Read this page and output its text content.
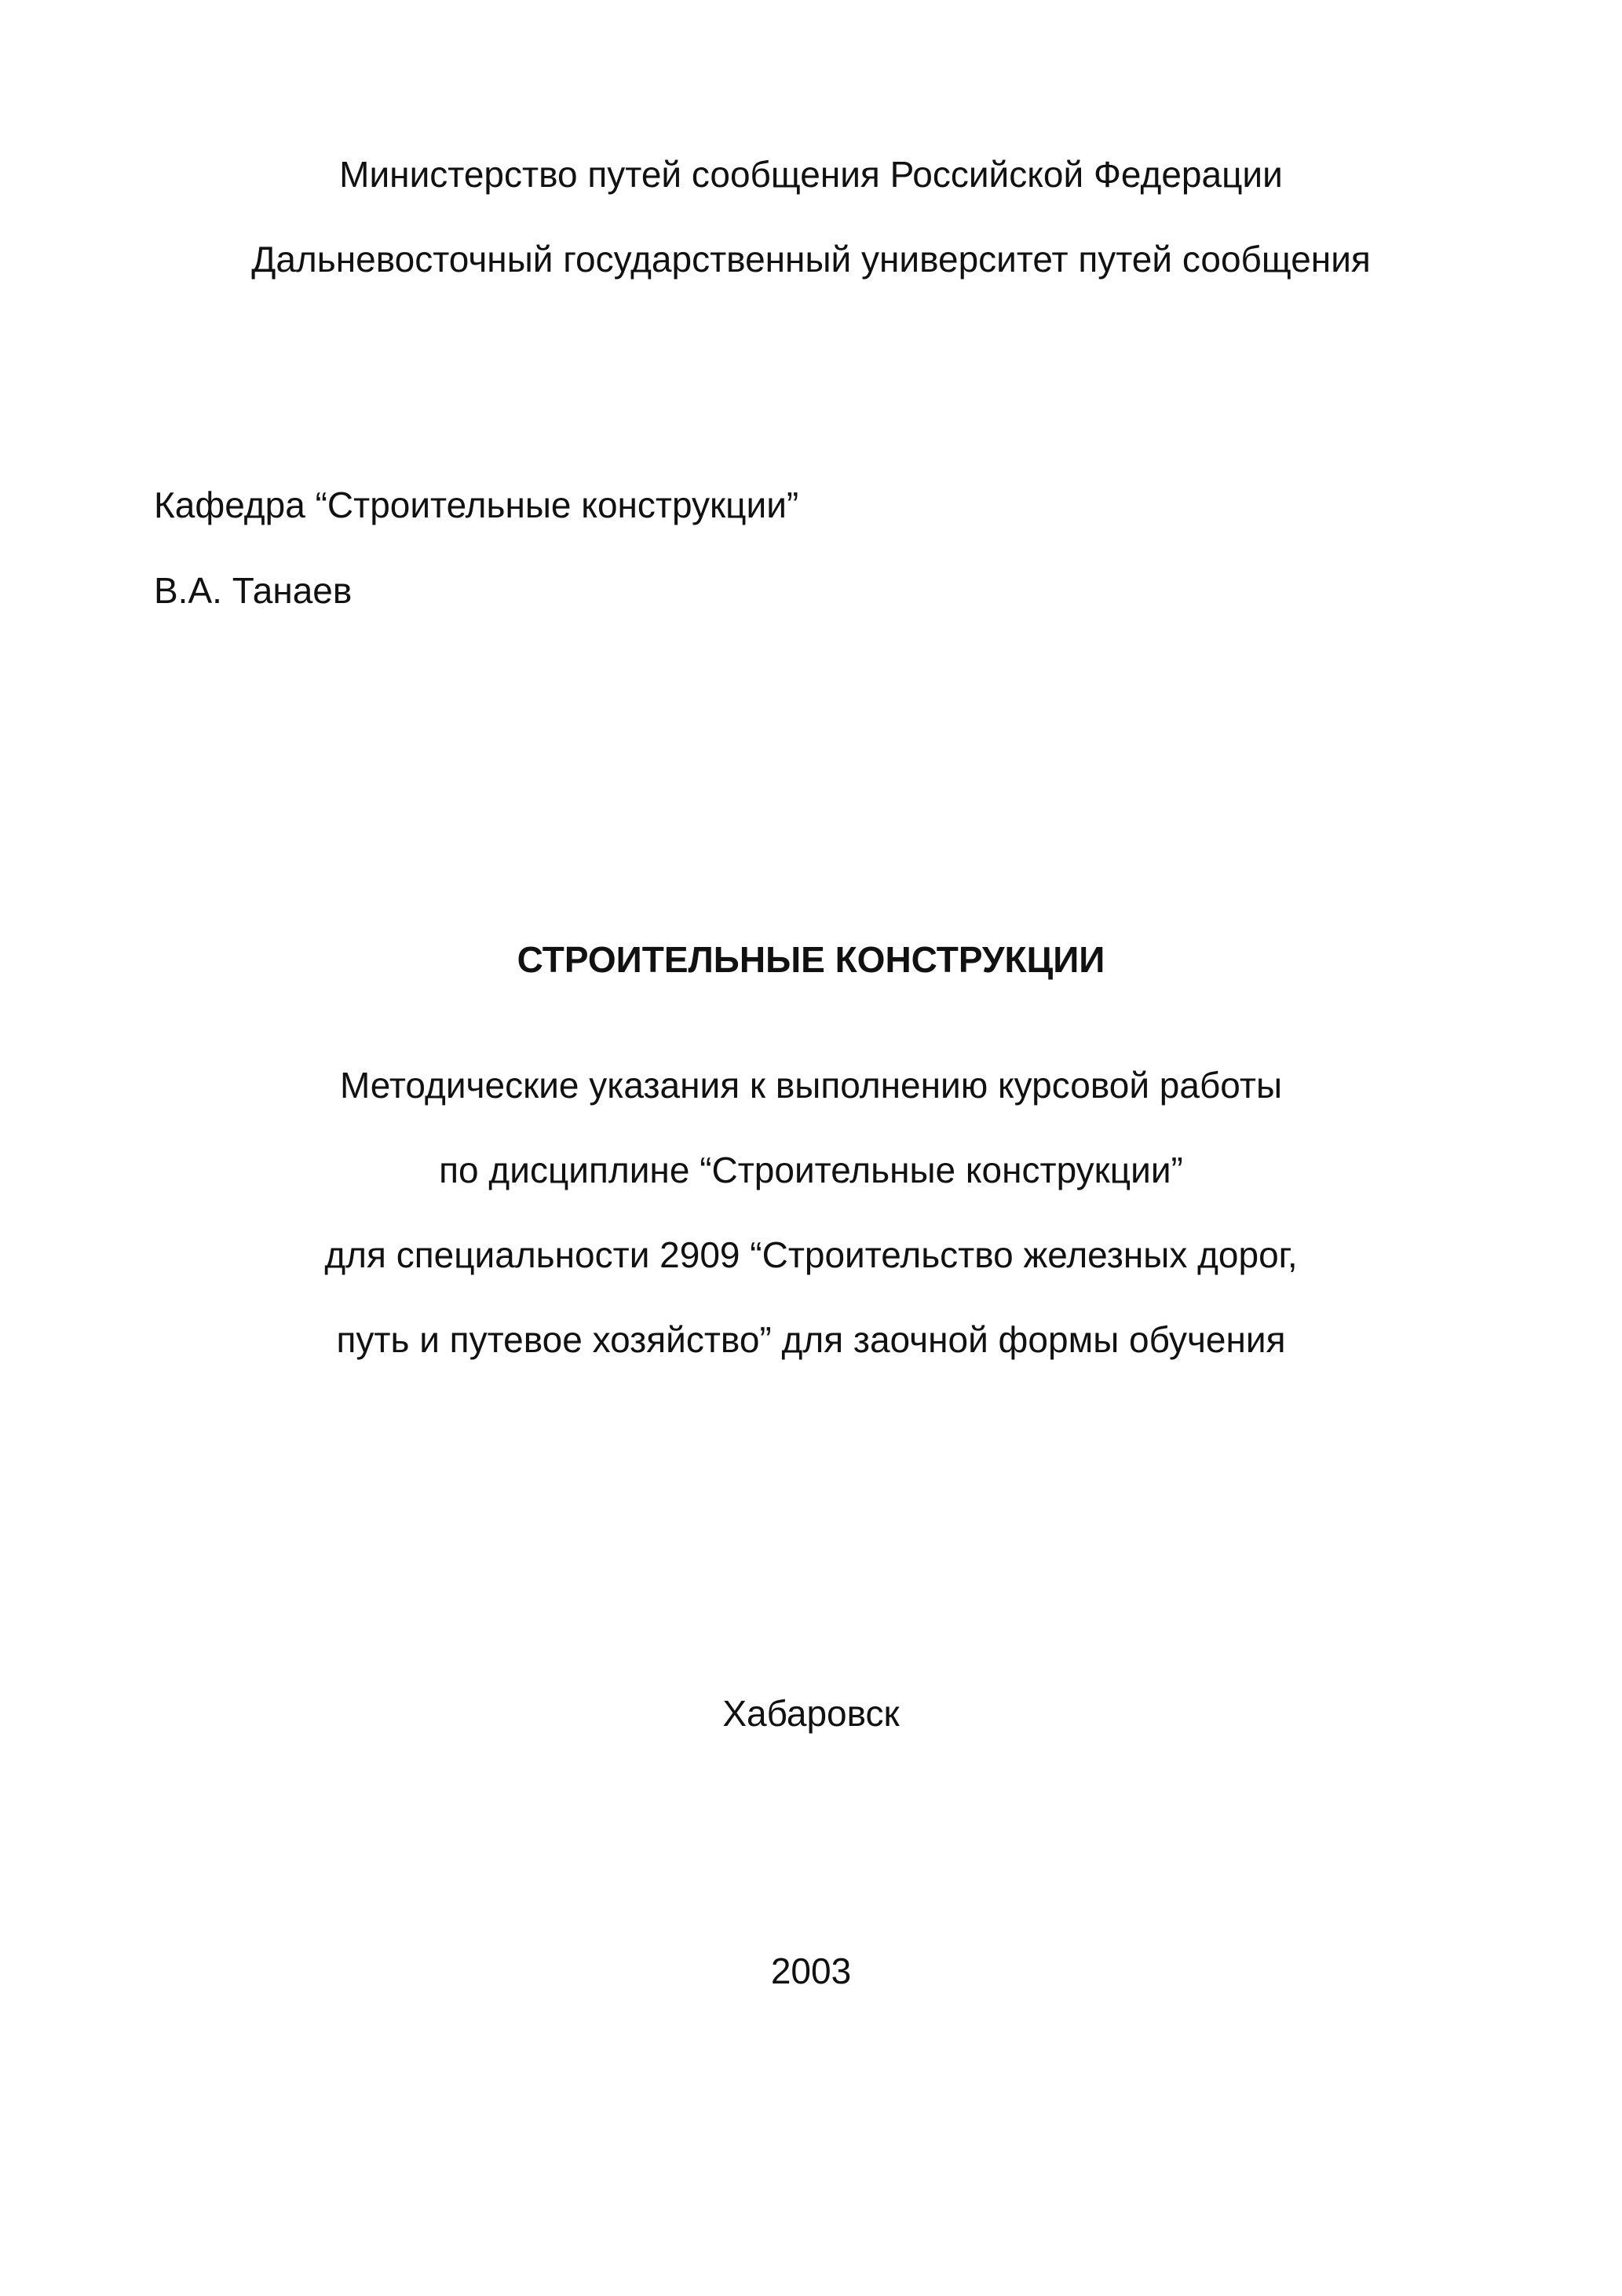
Министерство путей сообщения Российской Федерации
Дальневосточный государственный университет путей сообщения
Кафедра “Строительные конструкции”
В.А. Танаев
СТРОИТЕЛЬНЫЕ КОНСТРУКЦИИ
Методические указания к выполнению курсовой работы
по дисциплине “Строительные конструкции”
для специальности 2909 “Строительство железных дорог,
путь и путевое хозяйство” для заочной формы обучения
Хабаровск
2003
